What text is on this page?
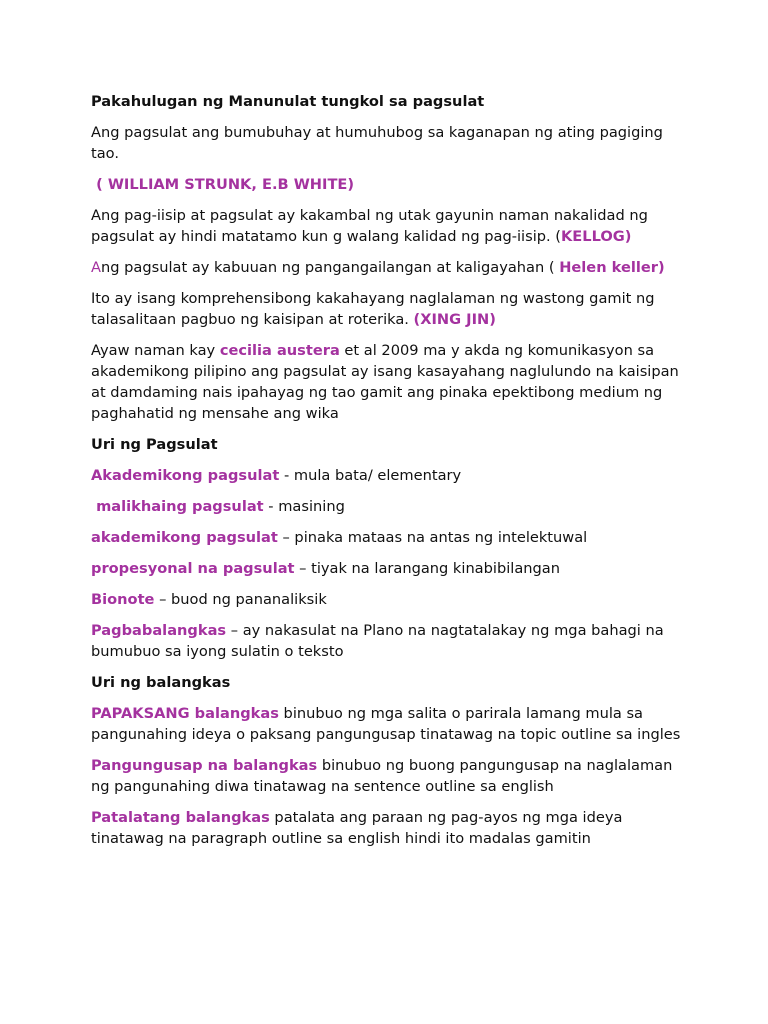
Pakahulugan ng Manunulat tungkol sa pagsulat

Ang pagsulat ang bumubuhay at humuhubog sa kaganapan ng ating pagiging tao.

( WILLIAM STRUNK, E.B WHITE)

Ang pag-iisip at pagsulat ay kakambal ng utak gayunin naman nakalidad ng pagsulat ay hindi matatamo kun g walang kalidad ng pag-iisip. (KELLOG)

Ang pagsulat ay kabuuan ng pangangailangan at kaligayahan ( Helen keller)

Ito ay isang komprehensibong kakahayang naglalaman ng wastong gamit ng talasalitaan pagbuo ng kaisipan at roterika. (XING JIN)

Ayaw naman kay cecilia austera et al 2009 ma y akda ng komunikasyon sa akademikong pilipino ang pagsulat ay isang kasayahang naglulundo na kaisipan at damdaming nais ipahayag ng tao gamit ang pinaka epektibong medium ng paghahatid ng mensahe ang wika

Uri ng Pagsulat

Akademikong pagsulat - mula bata/ elementary

malikhaing pagsulat - masining

akademikong pagsulat – pinaka mataas na antas ng intelektuwal

propesyonal na pagsulat – tiyak na larangang kinabibilangan

Bionote – buod ng pananaliksik

Pagbabalangkas – ay nakasulat na Plano na nagtatalakay ng mga bahagi na bumubuo sa iyong sulatin o teksto

Uri ng balangkas

PAPAKSANG balangkas binubuo ng mga salita o parirala lamang mula sa pangunahing ideya o paksang pangungusap tinatawag na topic outline sa ingles

Pangungusap na balangkas binubuo ng buong pangungusap na naglalaman ng pangunahing diwa tinatawag na sentence outline sa english

Patalatang balangkas patalata ang paraan ng pag-ayos ng mga ideya tinatawag na paragraph outline sa english hindi ito madalas gamitin
